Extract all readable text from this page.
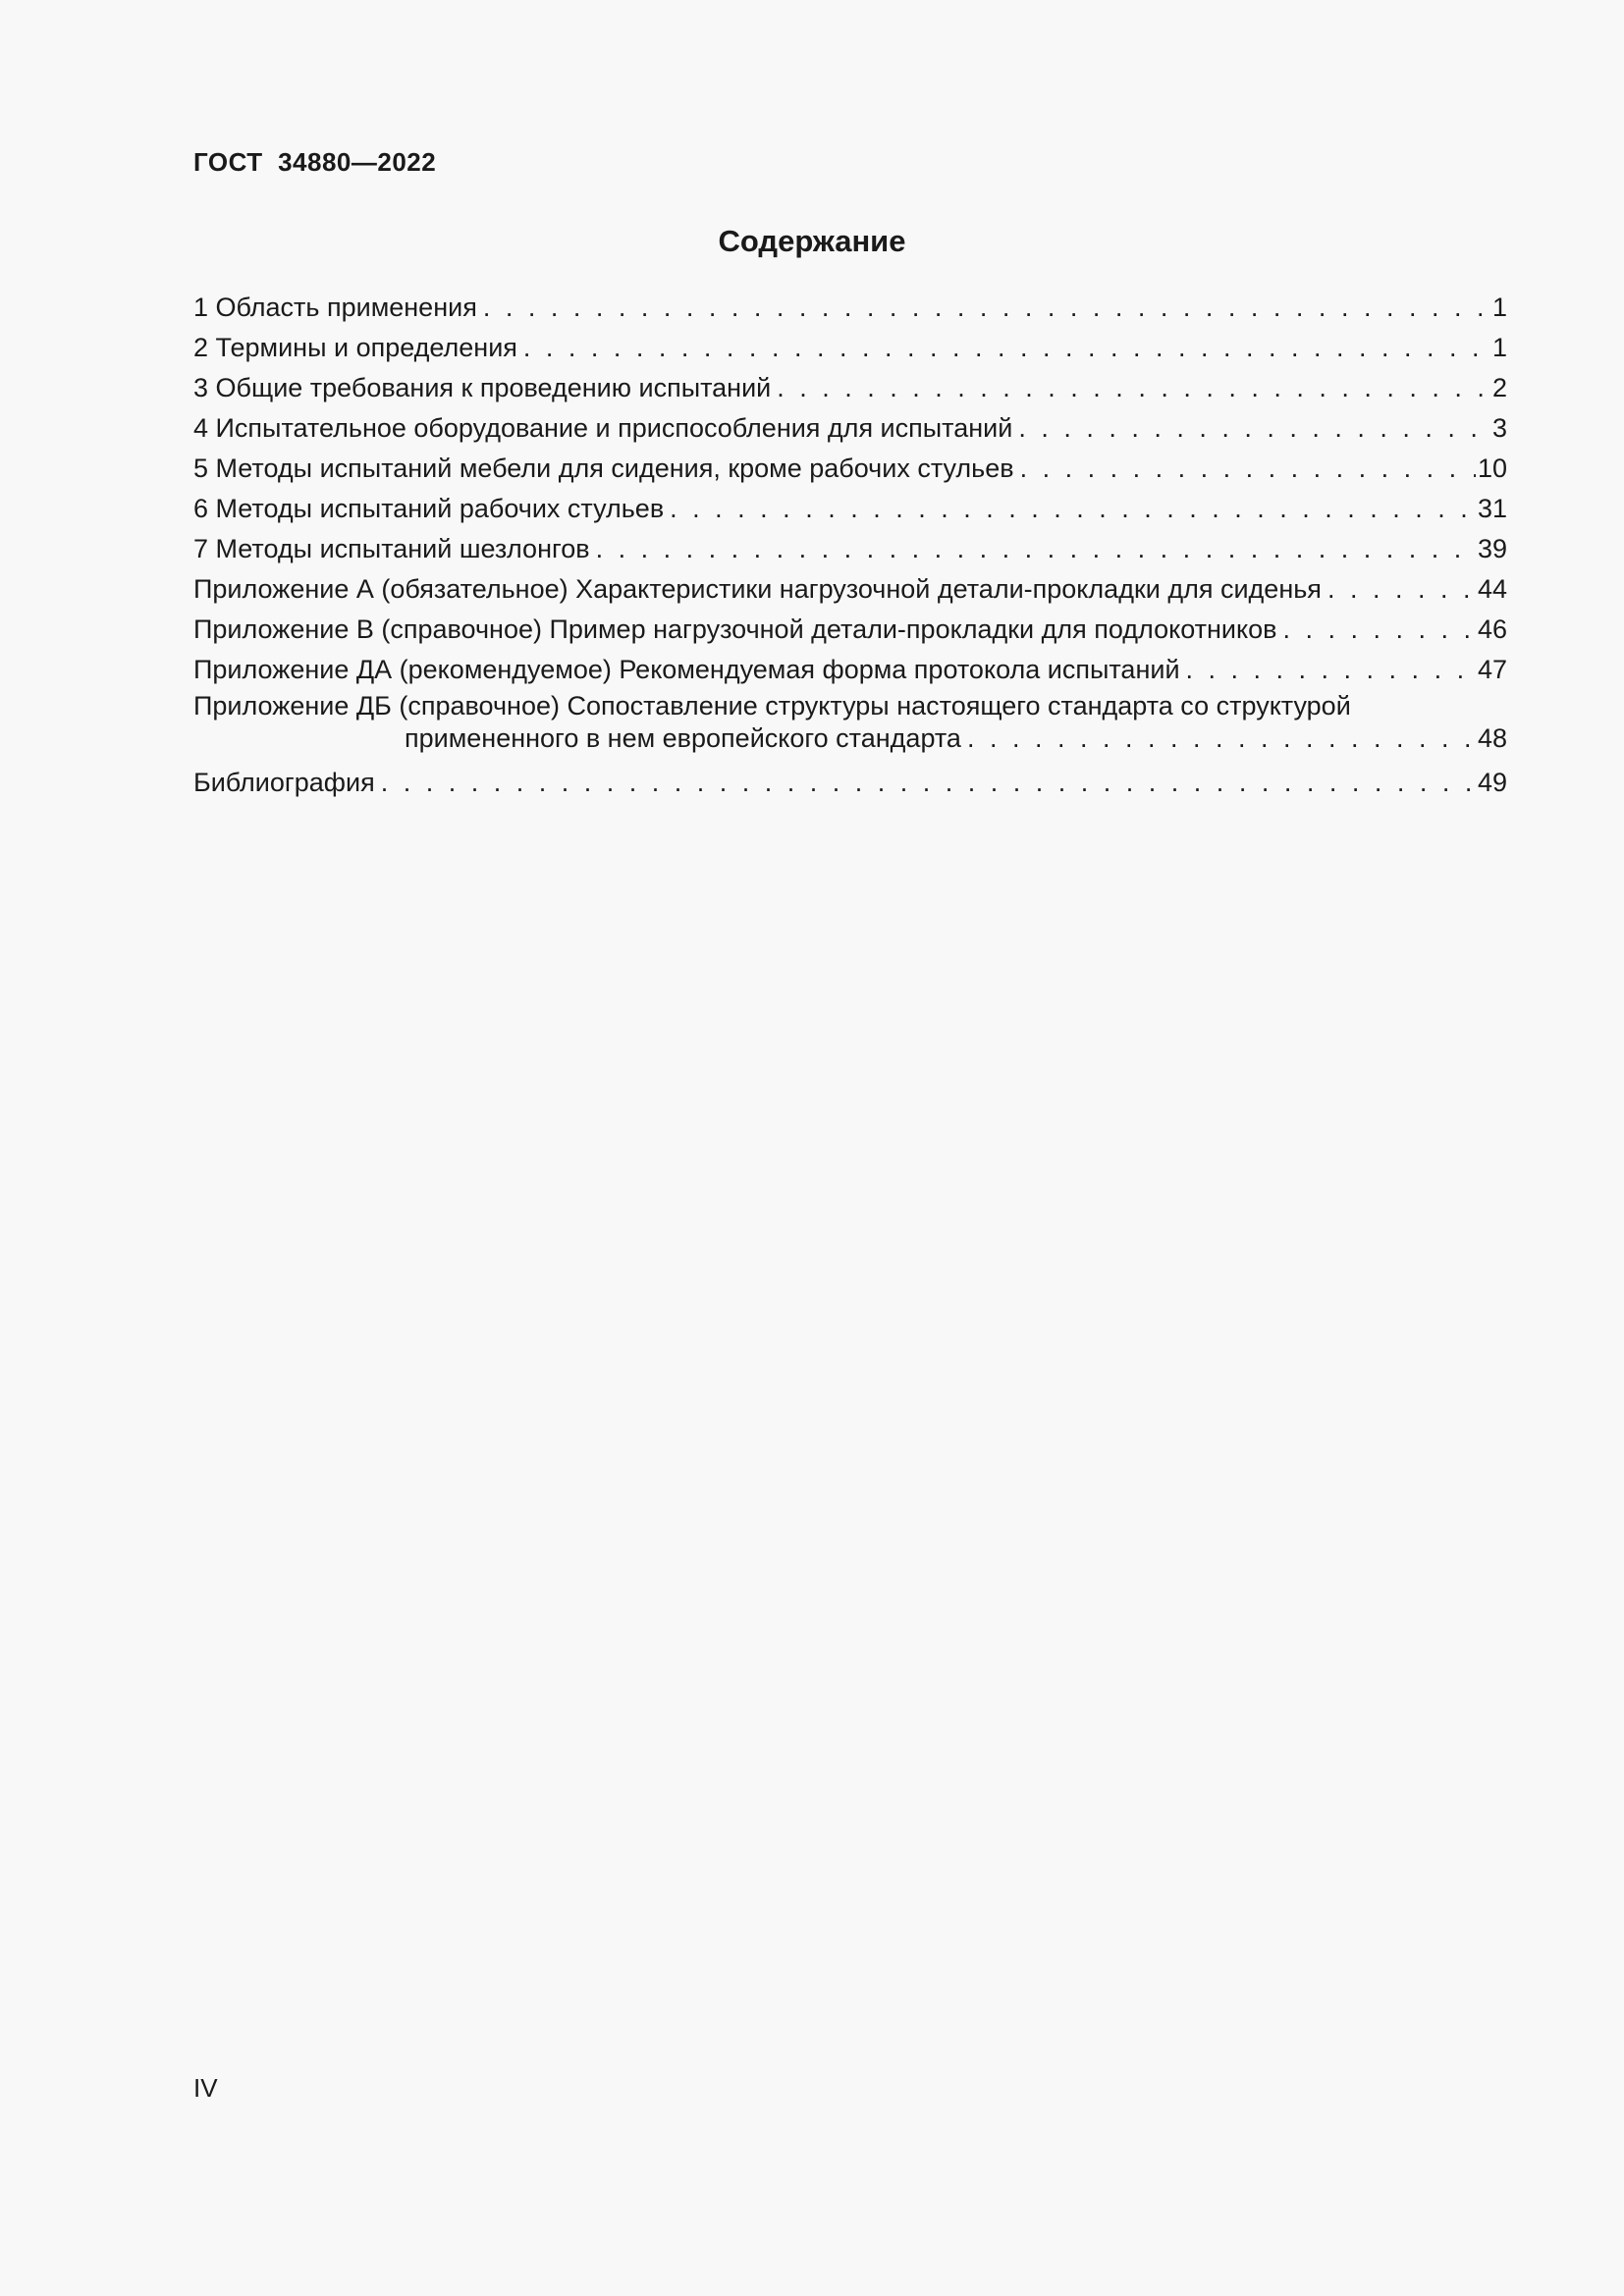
ГОСТ  34880—2022
Содержание
1 Область применения . . .	1
2 Термины и определения . . .	1
3 Общие требования к проведению испытаний . . .	2
4 Испытательное оборудование и приспособления для испытаний . . .	3
5 Методы испытаний мебели для сидения, кроме рабочих стульев . . .	10
6 Методы испытаний рабочих стульев . . .	31
7 Методы испытаний шезлонгов . . .	39
Приложение А (обязательное) Характеристики нагрузочной детали-прокладки для сиденья . . .	44
Приложение В (справочное) Пример нагрузочной детали-прокладки для подлокотников . . .	46
Приложение ДА (рекомендуемое) Рекомендуемая форма протокола испытаний . . .	47
Приложение ДБ (справочное) Сопоставление структуры настоящего стандарта со структурой
примененного в нем европейского стандарта . . .	48
Библиография . . .	49
IV
